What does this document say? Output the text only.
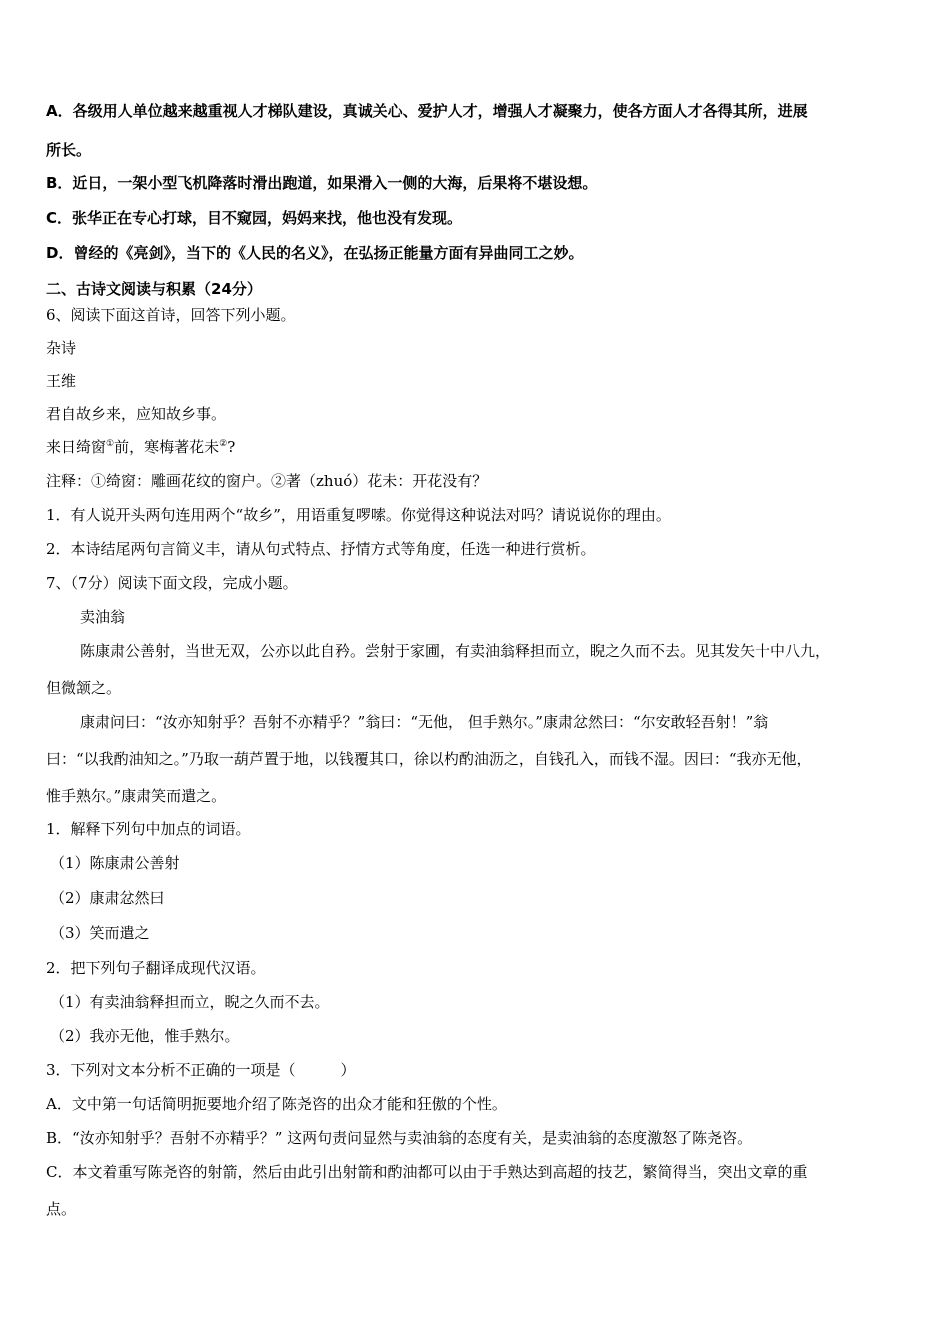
A．各级用人单位越来越重视人才梯队建设，真诚关心、爱护人才，增强人才凝聚力，使各方面人才各得其所，进展
所长。
B．近日，一架小型飞机降落时滑出跑道，如果滑入一侧的大海，后果将不堪设想。
C．张华正在专心打球，目不窥园，妈妈来找，他也没有发现。
D．曾经的《亮剑》，当下的《人民的名义》，在弘扬正能量方面有异曲同工之妙。
二、古诗文阅读与积累（24分）
6、阅读下面这首诗，回答下列小题。
杂诗
王维
君自故乡来，应知故乡事。
来日绮窗①前，寒梅著花未②?
注释：①绮窗：雕画花纹的窗户。②著（zhuó）花未：开花没有？
1．有人说开头两句连用两个“故乡”，用语重复啰嗦。你觉得这种说法对吗？请说说你的理由。
2．本诗结尾两句言简义丰，请从句式特点、抒情方式等角度，任选一种进行赏析。
7、（7分）阅读下面文段，完成小题。
卖油翁
陈康肃公善射，当世无双，公亦以此自矜。尝射于家圃，有卖油翁释担而立，睨之久而不去。见其发矢十中八九，
但微颔之。
康肃问曰：“汝亦知射乎？吾射不亦精乎？”翁曰：“无他， 但手熟尔。”康肃忿然曰：“尔安敢轻吾射！”翁
曰：“以我酌油知之。”乃取一葫芦置于地，以钱覆其口，徐以杓酌油沥之，自钱孔入，而钱不湿。因曰：“我亦无他，
惟手熟尔。”康肃笑而遣之。
1．解释下列句中加点的词语。
（1）陈康肃公善射
（2）康肃忿然曰
（3）笑而遣之
2．把下列句子翻译成现代汉语。
（1）有卖油翁释担而立，睨之久而不去。
（2）我亦无他，惟手熟尔。
3．下列对文本分析不正确的一项是（　　　）
A．文中第一句话简明扼要地介绍了陈尧咨的出众才能和狂傲的个性。
B．“汝亦知射乎？吾射不亦精乎？” 这两句责问显然与卖油翁的态度有关，是卖油翁的态度激怒了陈尧咨。
C．本文着重写陈尧咨的射箭，然后由此引出射箭和酌油都可以由于手熟达到高超的技艺，繁简得当，突出文章的重
点。
